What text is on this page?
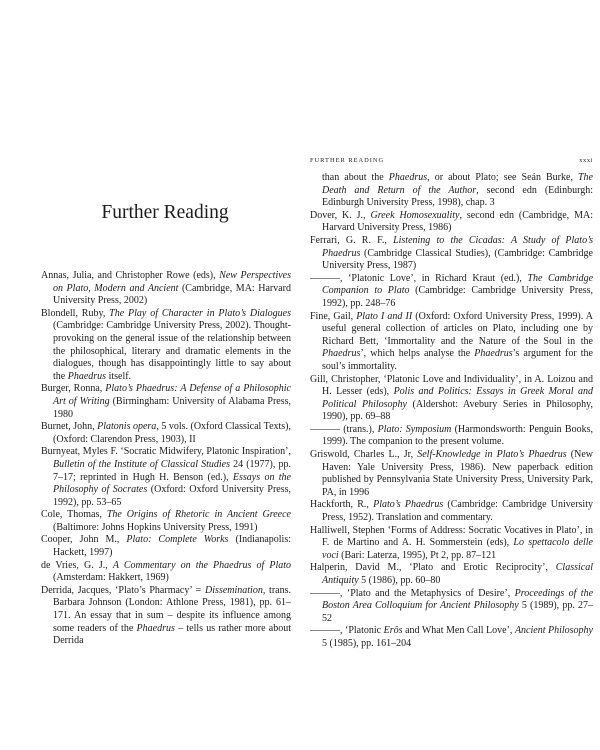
Further Reading
Annas, Julia, and Christopher Rowe (eds), New Perspectives on Plato, Modern and Ancient (Cambridge, MA: Harvard University Press, 2002)
Blondell, Ruby, The Play of Character in Plato’s Dialogues (Cambridge: Cambridge University Press, 2002). Thought-provoking on the general issue of the relationship between the philosophical, literary and dramatic elements in the dialogues, though has disappointingly little to say about the Phaedrus itself.
Burger, Ronna, Plato’s Phaedrus: A Defense of a Philosophic Art of Writing (Birmingham: University of Alabama Press, 1980
Burnet, John, Platonis opera, 5 vols. (Oxford Classical Texts), (Oxford: Clarendon Press, 1903), II
Burnyeat, Myles F. ‘Socratic Midwifery, Platonic Inspiration’, Bulletin of the Institute of Classical Studies 24 (1977), pp. 7–17; reprinted in Hugh H. Benson (ed.), Essays on the Philosophy of Socrates (Oxford: Oxford University Press, 1992), pp. 53–65
Cole, Thomas, The Origins of Rhetoric in Ancient Greece (Baltimore: Johns Hopkins University Press, 1991)
Cooper, John M., Plato: Complete Works (Indianapolis: Hackett, 1997)
de Vries, G. J., A Commentary on the Phaedrus of Plato (Amsterdam: Hakkert, 1969)
Derrida, Jacques, ‘Plato’s Pharmacy’ = Dissemination, trans. Barbara Johnson (London: Athlone Press, 1981), pp. 61–171. An essay that in sum – despite its influence among some readers of the Phaedrus – tells us rather more about Derrida
FURTHER READING	xxxi
than about the Phaedrus, or about Plato; see Seán Burke, The Death and Return of the Author, second edn (Edinburgh: Edinburgh University Press, 1998), chap. 3
Dover, K. J., Greek Homosexuality, second edn (Cambridge, MA: Harvard University Press, 1986)
Ferrari, G. R. F., Listening to the Cicadas: A Study of Plato’s Phaedrus (Cambridge Classical Studies), (Cambridge: Cambridge University Press, 1987)
———, ‘Platonic Love’, in Richard Kraut (ed.), The Cambridge Companion to Plato (Cambridge: Cambridge University Press, 1992), pp. 248–76
Fine, Gail, Plato I and II (Oxford: Oxford University Press, 1999). A useful general collection of articles on Plato, including one by Richard Bett, ‘Immortality and the Nature of the Soul in the Phaedrus’, which helps analyse the Phaedrus’s argument for the soul’s immortality.
Gill, Christopher, ‘Platonic Love and Individuality’, in A. Loizou and H. Lesser (eds), Polis and Politics: Essays in Greek Moral and Political Philosophy (Aldershot: Avebury Series in Philosophy, 1990), pp. 69–88
——— (trans.), Plato: Symposium (Harmondsworth: Penguin Books, 1999). The companion to the present volume.
Griswold, Charles L., Jr, Self-Knowledge in Plato’s Phaedrus (New Haven: Yale University Press, 1986). New paperback edition published by Pennsylvania State University Press, University Park, PA, in 1996
Hackforth, R., Plato’s Phaedrus (Cambridge: Cambridge University Press, 1952). Translation and commentary.
Halliwell, Stephen ‘Forms of Address: Socratic Vocatives in Plato’, in F. de Martino and A. H. Sommerstein (eds), Lo spettacolo delle voci (Bari: Laterza, 1995), Pt 2, pp. 87–121
Halperin, David M., ‘Plato and Erotic Reciprocity’, Classical Antiquity 5 (1986), pp. 60–80
———, ‘Plato and the Metaphysics of Desire’, Proceedings of the Boston Area Colloquium for Ancient Philosophy 5 (1989), pp. 27–52
———, ‘Platonic Erôs and What Men Call Love’, Ancient Philosophy 5 (1985), pp. 161–204
